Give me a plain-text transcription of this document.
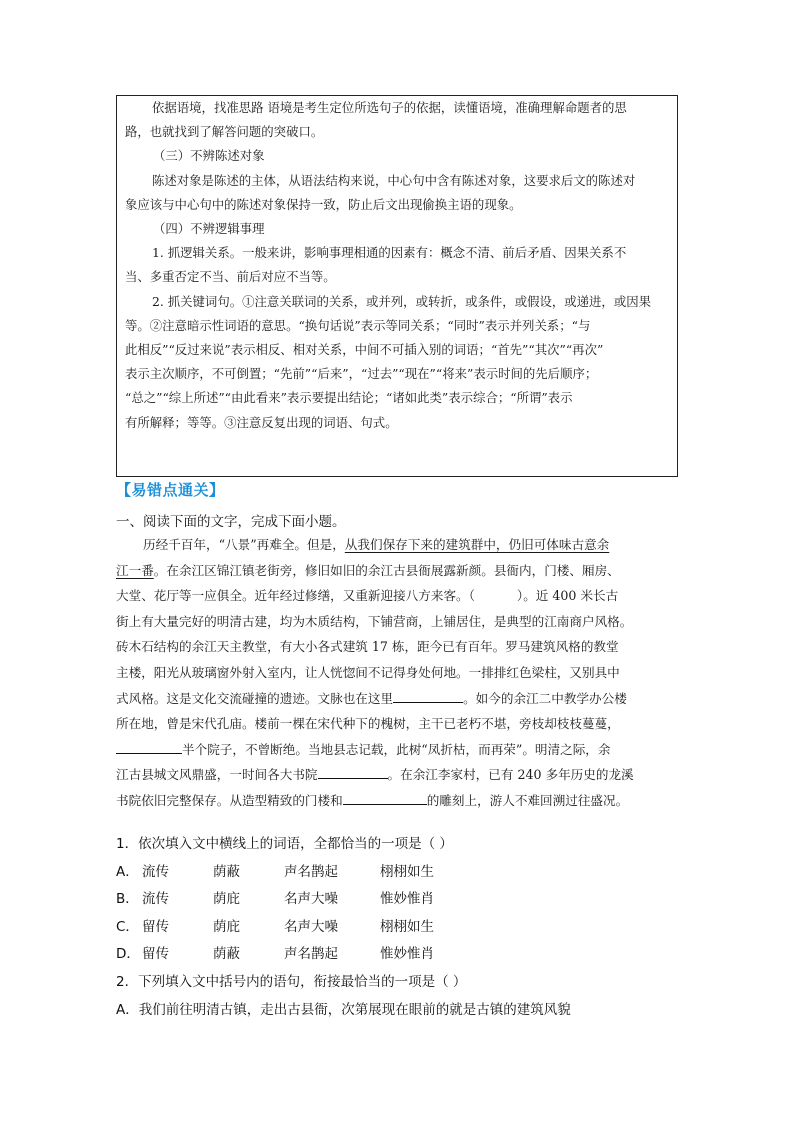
依据语境，找准思路 语境是考生定位所选句子的依据，读懂语境，准确理解命题者的思

路，也就找到了解答问题的突破口。

（三）不辨陈述对象

陈述对象是陈述的主体，从语法结构来说，中心句中含有陈述对象，这要求后文的陈述对

象应该与中心句中的陈述对象保持一致，防止后文出现偷换主语的现象。

（四）不辨逻辑事理

1. 抓逻辑关系。一般来讲，影响事理相通的因素有：概念不清、前后矛盾、因果关系不

当、多重否定不当、前后对应不当等。

2. 抓关键词句。①注意关联词的关系，或并列，或转折，或条件，或假设，或递进，或因果

等。②注意暗示性词语的意思。“换句话说”表示等同关系；“同时”表示并列关系；“与
此相反”“反过来说”表示相反、相对关系，中间不可插入别的词语；“首先”“其次”“再次”
表示主次顺序，不可倒置；“先前”“后来”，“过去”“现在”“将来”表示时间的先后顺序；
“总之”“综上所述”“由此看来”表示要提出结论；“诸如此类”表示综合；“所谓”表示
有所解释；等等。③注意反复出现的词语、句式。

【易错点通关】
一、阅读下面的文字，完成下面小题。
历经千百年，“八景”再难全。但是，从我们保存下来的建筑群中，仍旧可体味古意余
江一番。在余江区锦江镇老街旁，修旧如旧的余江古县衙展露新颜。县衙内，门楼、厢房、
大堂、花厅等一应俱全。近年经过修缮，又重新迎接八方来客。（	）。近 400 米长古
街上有大量完好的明清古建，均为木质结构，下铺营商，上铺居住，是典型的江南商户风格。
砖木石结构的余江天主教堂，有大小各式建筑 17 栋，距今已有百年。罗马建筑风格的教堂
主楼，阳光从玻璃窗外射入室内，让人恍惚间不记得身处何地。一排排红色梁柱，又别具中
式风格。这是文化交流碰撞的遗迹。文脉也在这里	。如今的余江二中教学办公楼
所在地，曾是宋代孔庙。楼前一棵在宋代种下的槐树，主干已老朽不堪，旁枝却枝枝蔓蔓，
半个院子，不曾断绝。当地县志记载，此树“凤折枯，而再荣”。明清之际，余
江古县城文风鼎盛，一时间各大书院	。在余江李家村，已有 240 多年历史的龙溪
书院依旧完整保存。从造型精致的门楼和	的雕刻上，游人不难回溯过往盛况。
1．依次填入文中横线上的词语，全都恰当的一项是（ ）
A． 流传	荫蔽	声名鹊起	栩栩如生
B． 流传	荫庇	名声大噪	惟妙惟肖
C． 留传	荫庇	名声大噪	栩栩如生
D． 留传	荫蔽	声名鹊起	惟妙惟肖
2．下列填入文中括号内的语句，衔接最恰当的一项是（ ）
A．我们前往明清古镇，走出古县衙，次第展现在眼前的就是古镇的建筑风貌
